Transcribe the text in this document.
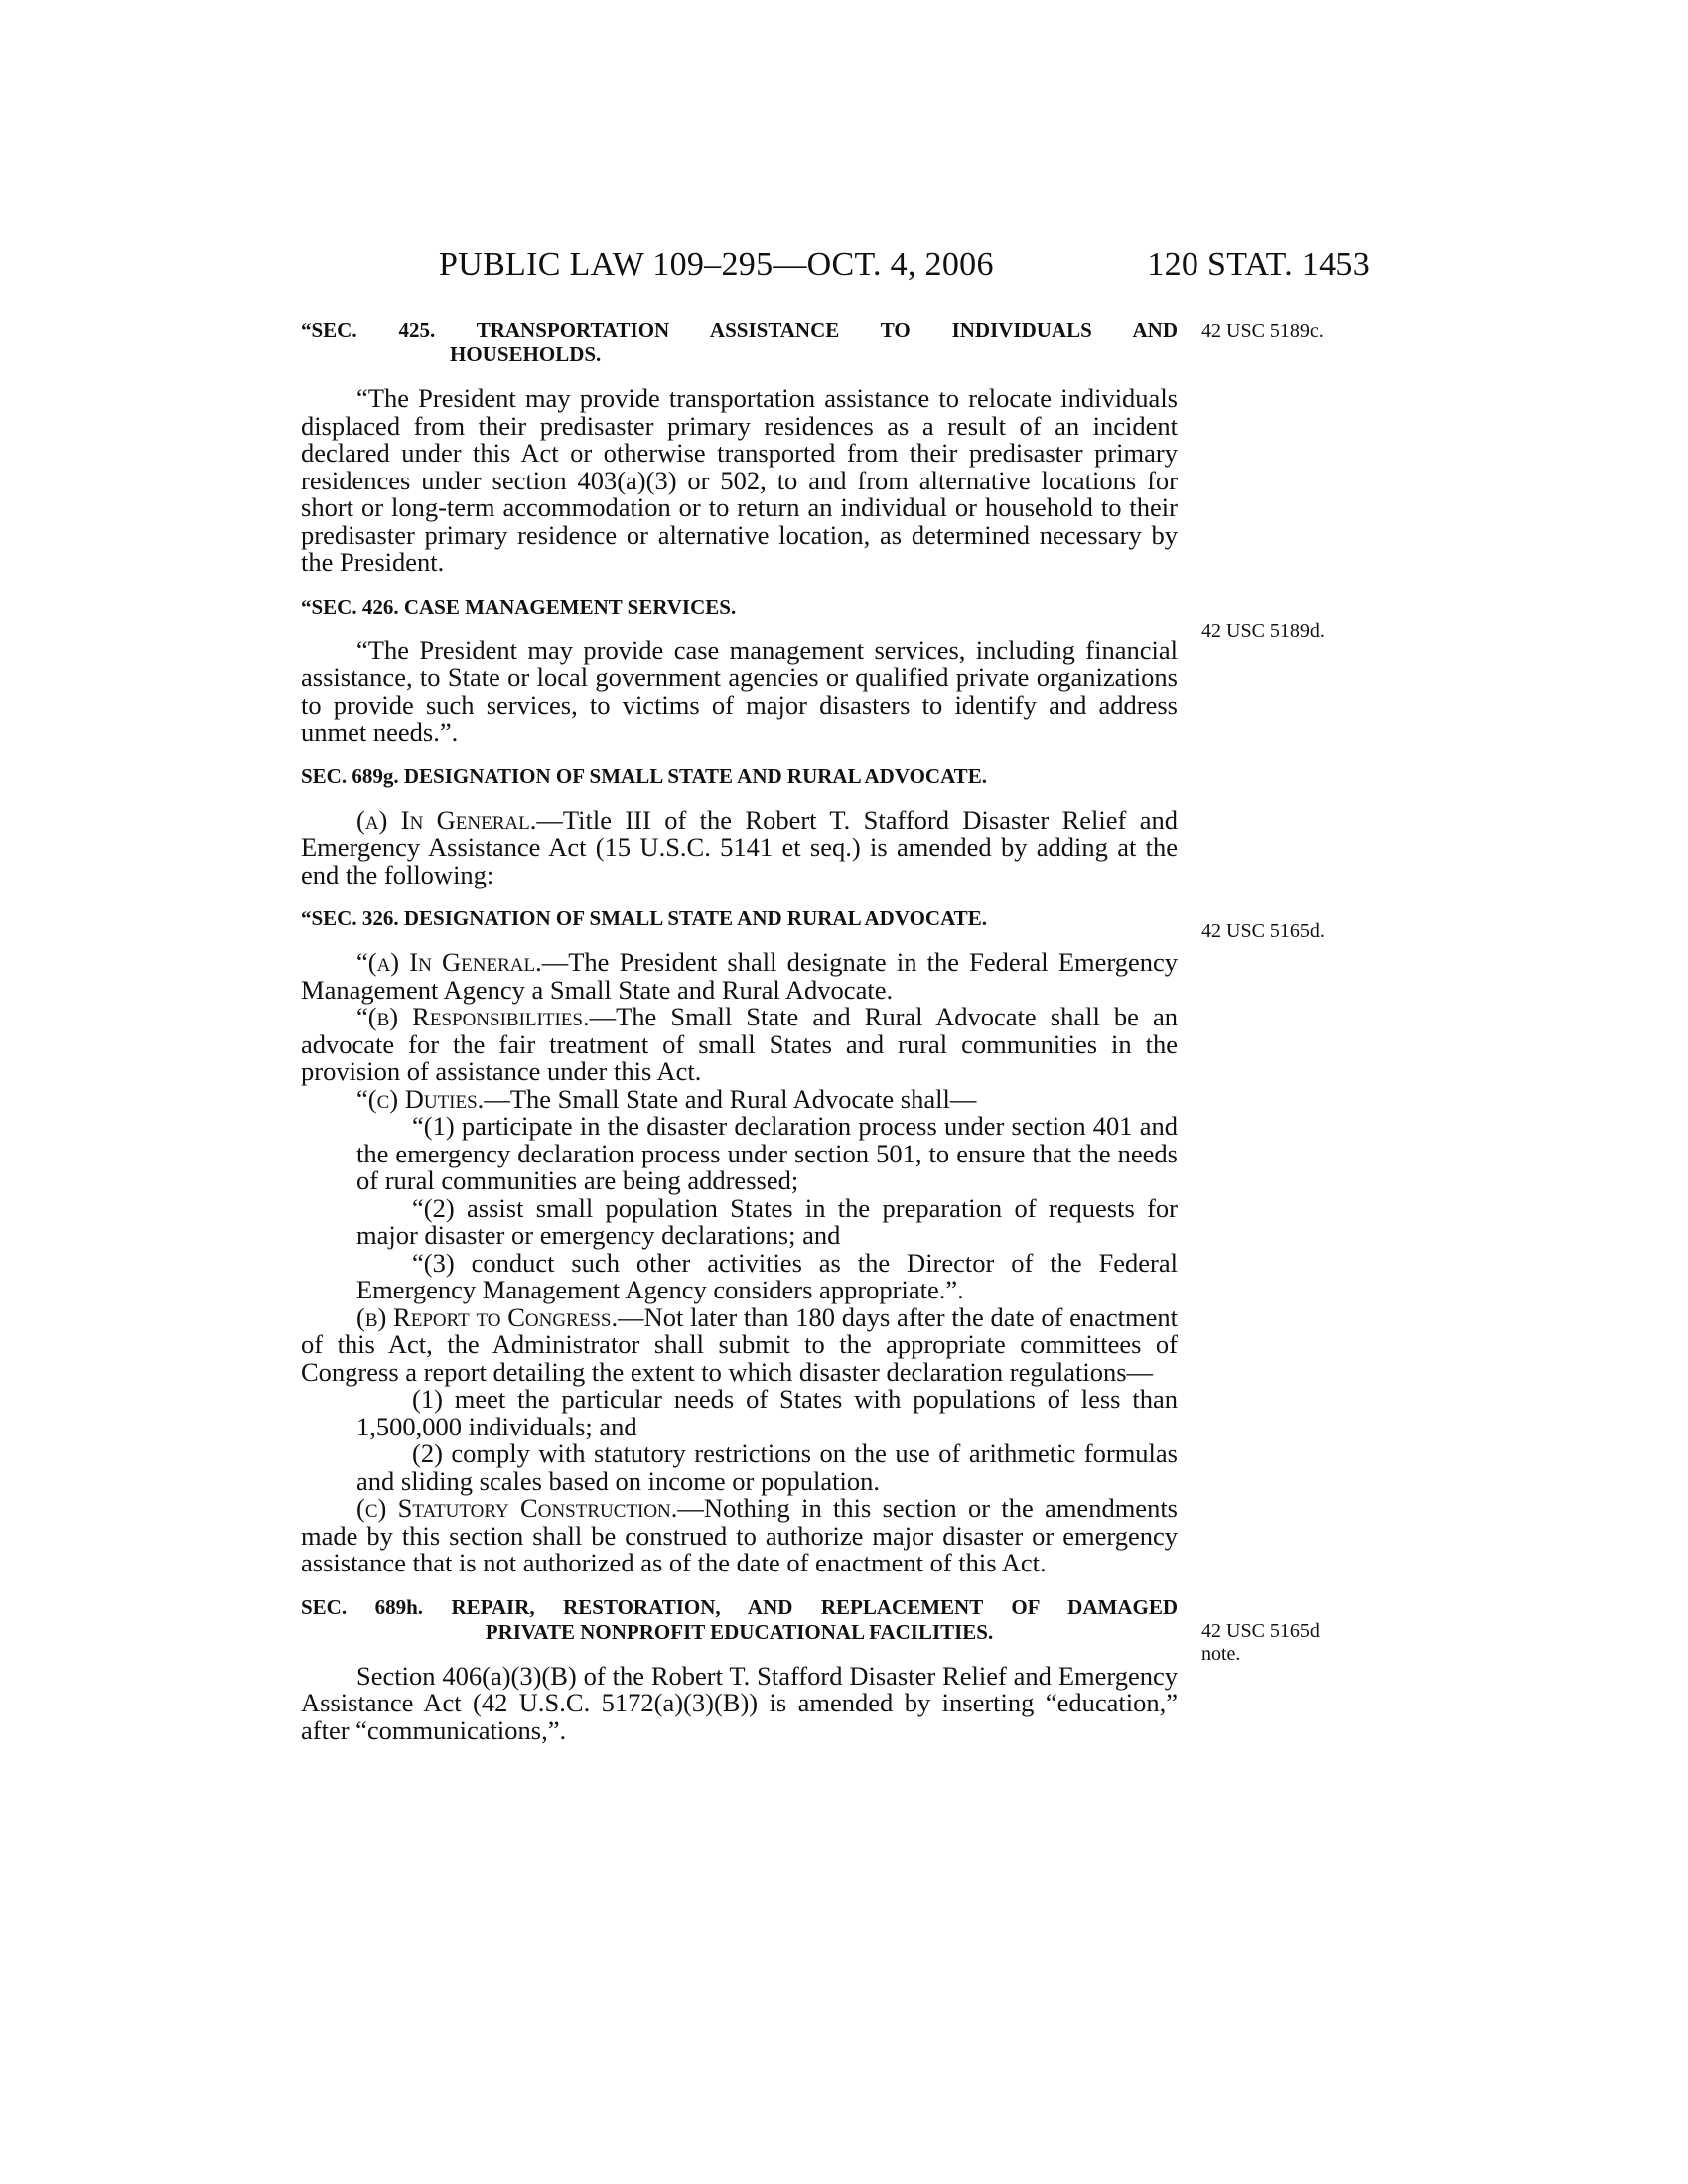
PUBLIC LAW 109–295—OCT. 4, 2006	120 STAT. 1453
42 USC 5189c.
42 USC 5189d.
42 USC 5165d.
42 USC 5165d
note.
“SEC. 425. TRANSPORTATION ASSISTANCE TO INDIVIDUALS AND
HOUSEHOLDS.

“The President may provide transportation assistance to relocate individuals displaced from their predisaster primary residences as a result of an incident declared under this Act or otherwise transported from their predisaster primary residences under section 403(a)(3) or 502, to and from alternative locations for short or long-term accommodation or to return an individual or household to their predisaster primary residence or alternative location, as determined necessary by the President.

“SEC. 426. CASE MANAGEMENT SERVICES.

“The President may provide case management services, including financial assistance, to State or local government agencies or qualified private organizations to provide such services, to victims of major disasters to identify and address unmet needs.”.

SEC. 689g. DESIGNATION OF SMALL STATE AND RURAL ADVOCATE.

(a) In General.—Title III of the Robert T. Stafford Disaster Relief and Emergency Assistance Act (15 U.S.C. 5141 et seq.) is amended by adding at the end the following:

“SEC. 326. DESIGNATION OF SMALL STATE AND RURAL ADVOCATE.

“(a) In General.—The President shall designate in the Federal Emergency Management Agency a Small State and Rural Advocate.

“(b) Responsibilities.—The Small State and Rural Advocate shall be an advocate for the fair treatment of small States and rural communities in the provision of assistance under this Act.

“(c) Duties.—The Small State and Rural Advocate shall—

“(1) participate in the disaster declaration process under section 401 and the emergency declaration process under section 501, to ensure that the needs of rural communities are being addressed;

“(2) assist small population States in the preparation of requests for major disaster or emergency declarations; and

“(3) conduct such other activities as the Director of the Federal Emergency Management Agency considers appropriate.”.

(b) Report to Congress.—Not later than 180 days after the date of enactment of this Act, the Administrator shall submit to the appropriate committees of Congress a report detailing the extent to which disaster declaration regulations—

(1) meet the particular needs of States with populations of less than 1,500,000 individuals; and

(2) comply with statutory restrictions on the use of arithmetic formulas and sliding scales based on income or population.

(c) Statutory Construction.—Nothing in this section or the amendments made by this section shall be construed to authorize major disaster or emergency assistance that is not authorized as of the date of enactment of this Act.

SEC. 689h. REPAIR, RESTORATION, AND REPLACEMENT OF DAMAGED
PRIVATE NONPROFIT EDUCATIONAL FACILITIES.

Section 406(a)(3)(B) of the Robert T. Stafford Disaster Relief and Emergency Assistance Act (42 U.S.C. 5172(a)(3)(B)) is amended by inserting “education,” after “communications,”.
